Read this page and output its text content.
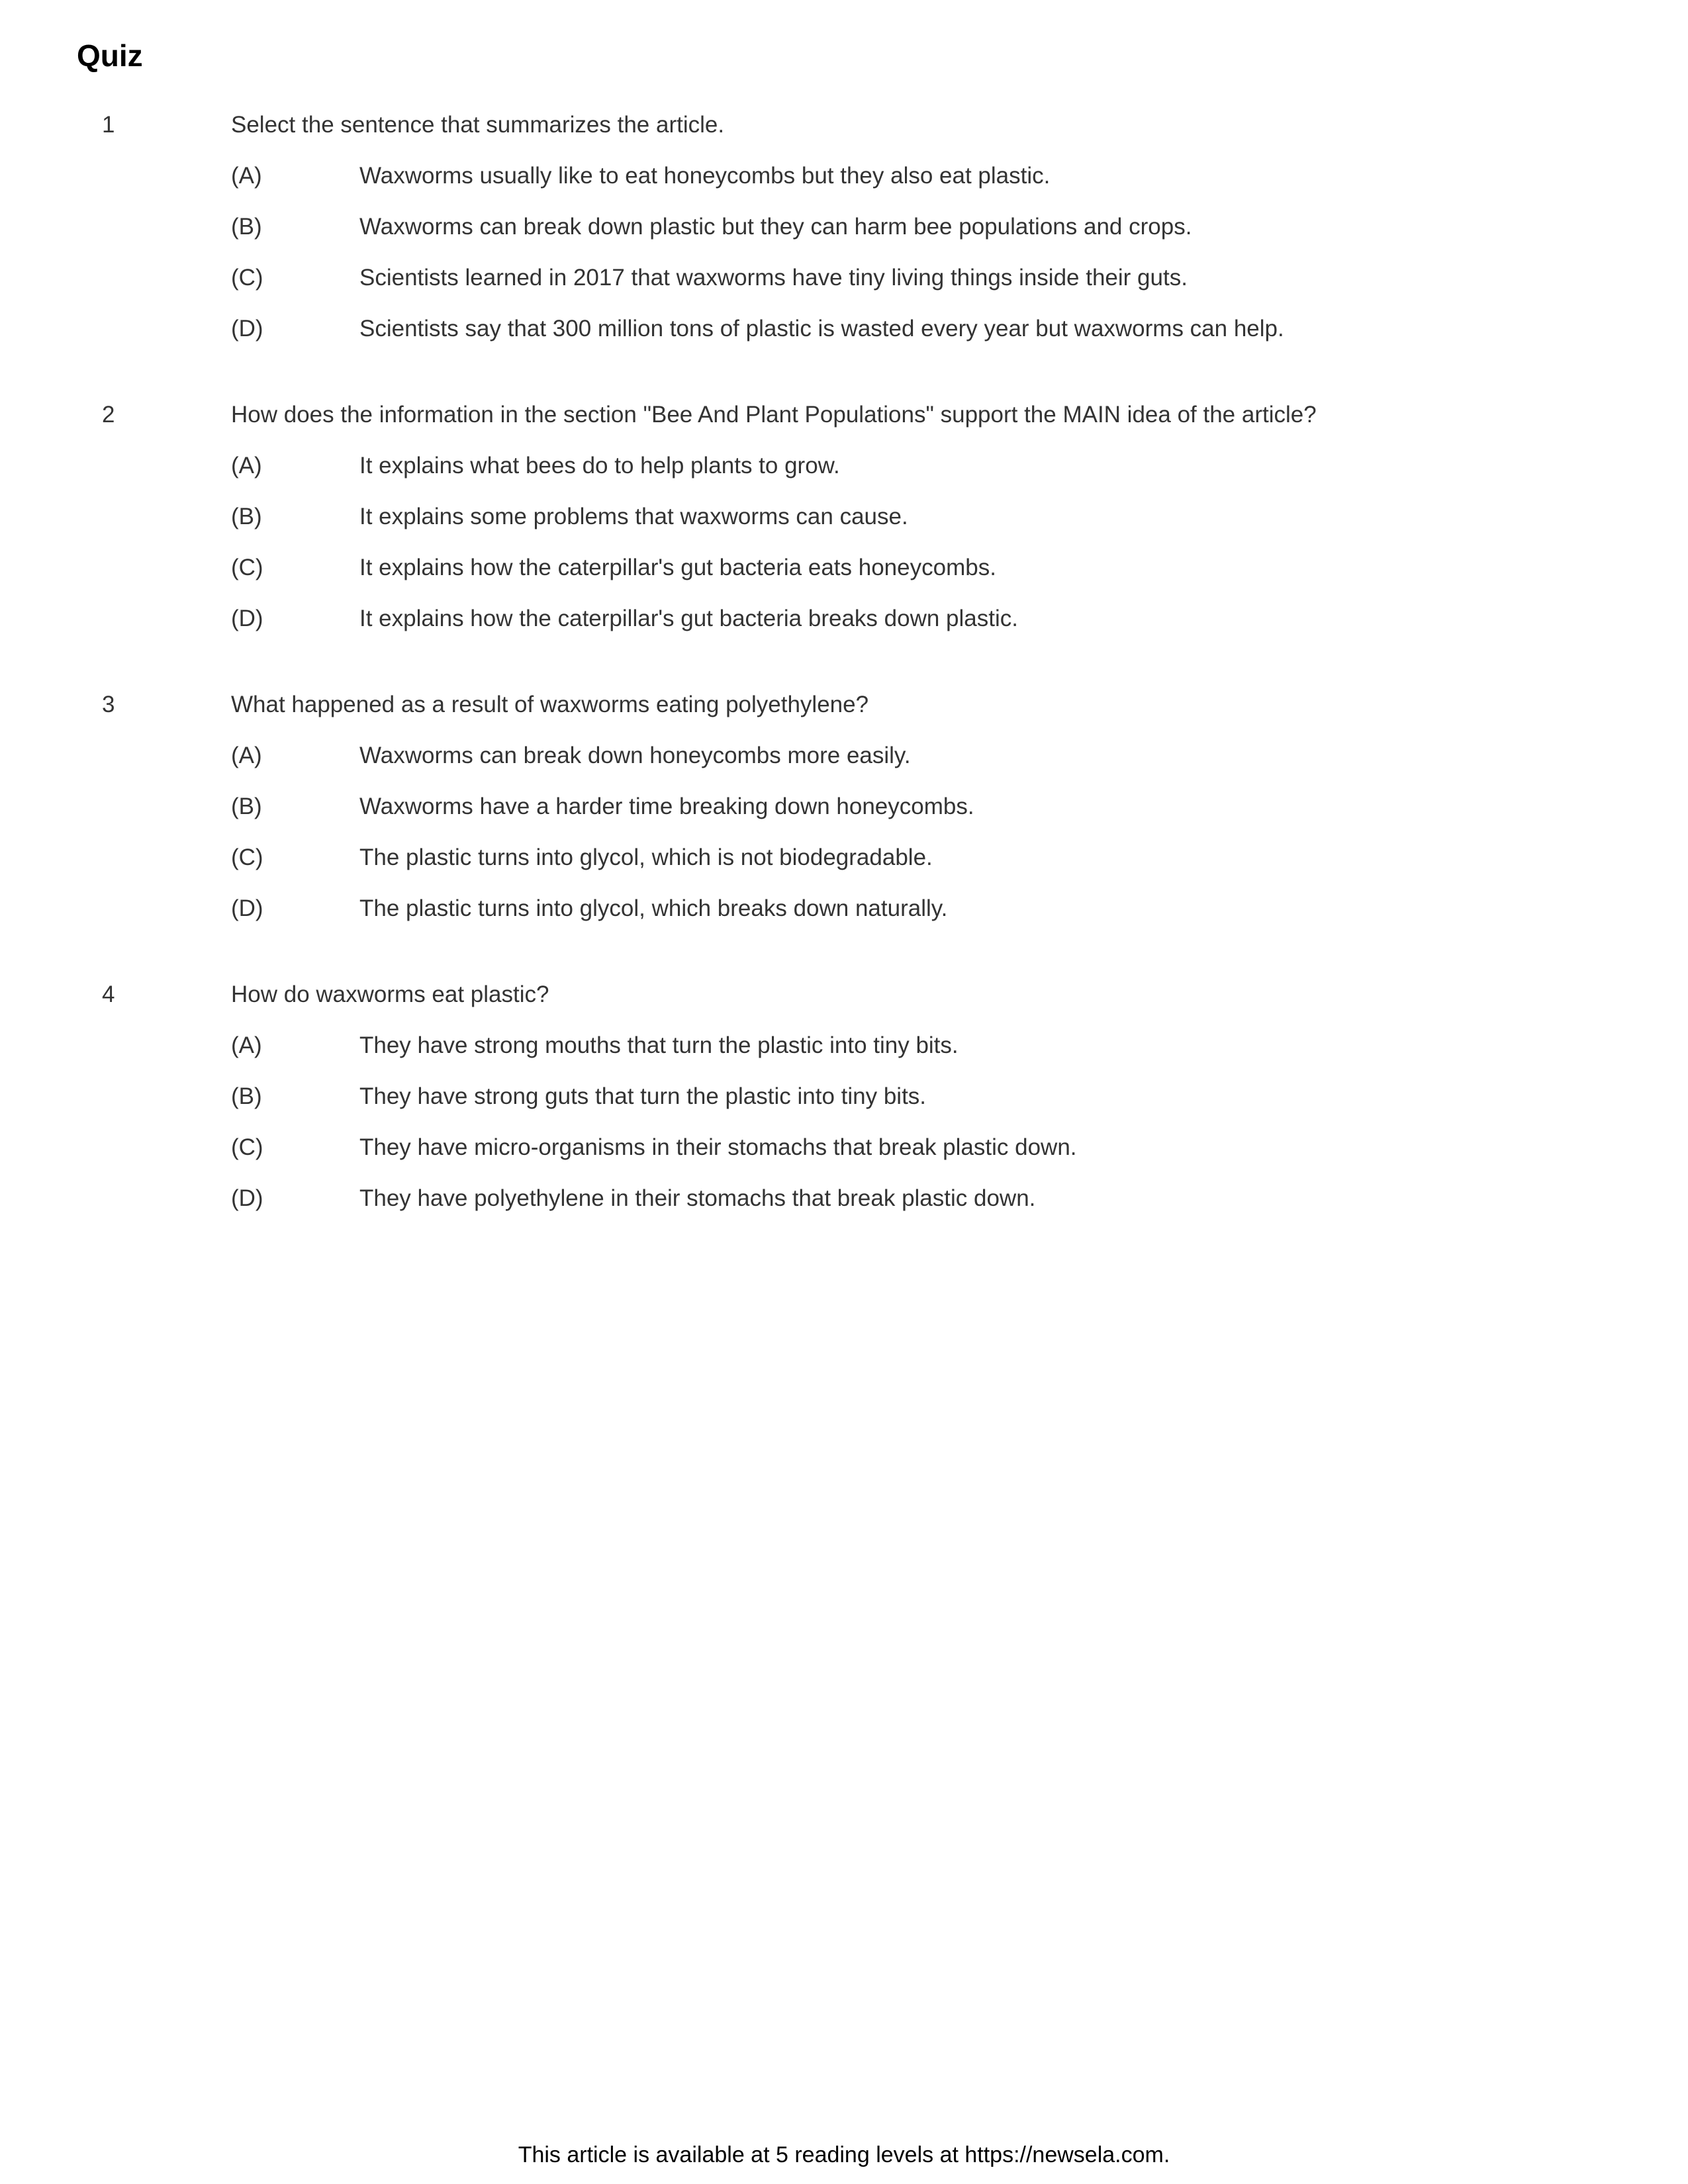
Quiz
1	Select the sentence that summarizes the article.
(A)	Waxworms usually like to eat honeycombs but they also eat plastic.
(B)	Waxworms can break down plastic but they can harm bee populations and crops.
(C)	Scientists learned in 2017 that waxworms have tiny living things inside their guts.
(D)	Scientists say that 300 million tons of plastic is wasted every year but waxworms can help.
2	How does the information in the section "Bee And Plant Populations" support the MAIN idea of the article?
(A)	It explains what bees do to help plants to grow.
(B)	It explains some problems that waxworms can cause.
(C)	It explains how the caterpillar's gut bacteria eats honeycombs.
(D)	It explains how the caterpillar's gut bacteria breaks down plastic.
3	What happened as a result of waxworms eating polyethylene?
(A)	Waxworms can break down honeycombs more easily.
(B)	Waxworms have a harder time breaking down honeycombs.
(C)	The plastic turns into glycol, which is not biodegradable.
(D)	The plastic turns into glycol, which breaks down naturally.
4	How do waxworms eat plastic?
(A)	They have strong mouths that turn the plastic into tiny bits.
(B)	They have strong guts that turn the plastic into tiny bits.
(C)	They have micro-organisms in their stomachs that break plastic down.
(D)	They have polyethylene in their stomachs that break plastic down.
This article is available at 5 reading levels at https://newsela.com.
